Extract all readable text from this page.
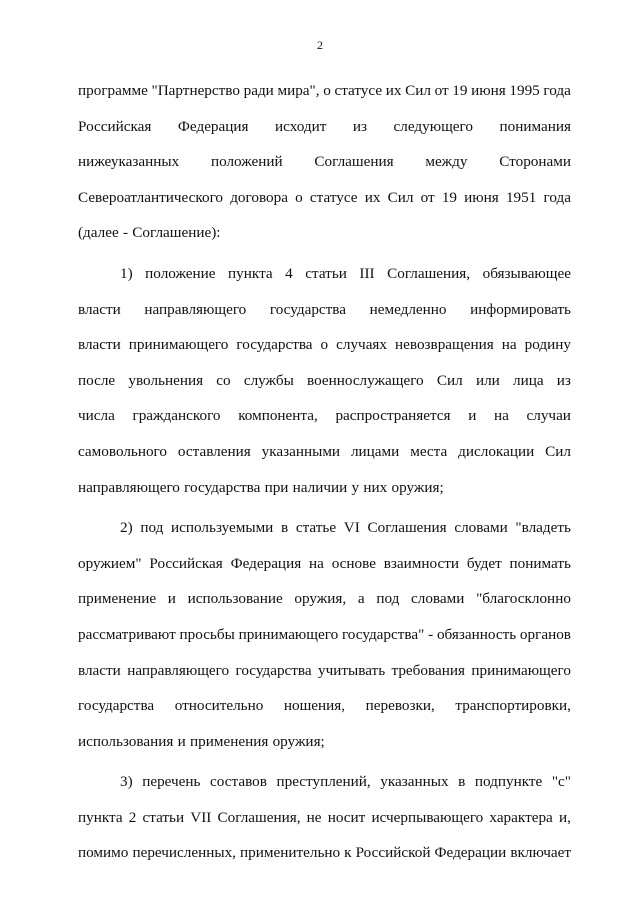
2
программе "Партнерство ради мира", о статусе их Сил от 19 июня 1995 года
Российская Федерация исходит из следующего понимания
нижеуказанных положений Соглашения между Сторонами
Североатлантического договора о статусе их Сил от 19 июня 1951 года
(далее - Соглашение):
1) положение пункта 4 статьи III Соглашения, обязывающее
власти направляющего государства немедленно информировать
власти принимающего государства о случаях невозвращения на родину
после увольнения со службы военнослужащего Сил или лица из
числа гражданского компонента, распространяется и на случаи
самовольного оставления указанными лицами места дислокации Сил
направляющего государства при наличии у них оружия;
2) под используемыми в статье VI Соглашения словами "владеть
оружием" Российская Федерация на основе взаимности будет понимать
применение и использование оружия, а под словами "благосклонно
рассматривают просьбы принимающего государства" - обязанность органов
власти направляющего государства учитывать требования принимающего
государства относительно ношения, перевозки, транспортировки,
использования и применения оружия;
3) перечень составов преступлений, указанных в подпункте "с"
пункта 2 статьи VII Соглашения, не носит исчерпывающего характера и,
помимо перечисленных, применительно к Российской Федерации включает
